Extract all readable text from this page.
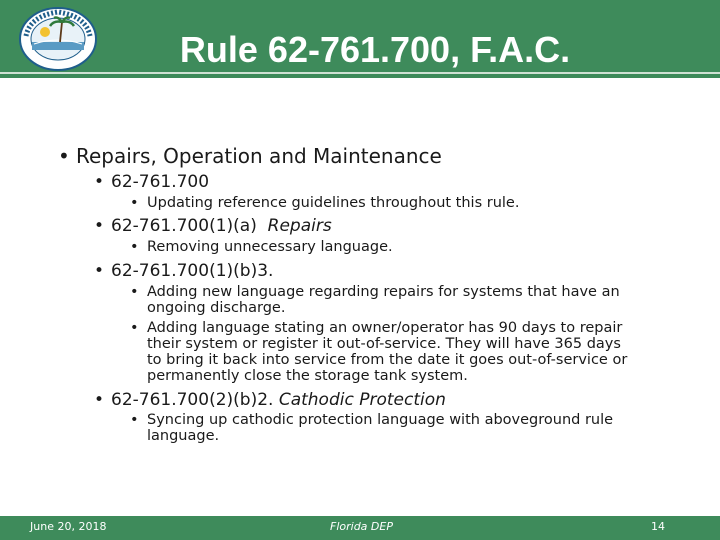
Rule 62-761.700, F.A.C.
• Repairs, Operation and Maintenance
• 62-761.700
• Updating reference guidelines throughout this rule.
• 62-761.700(1)(a) Repairs
• Removing unnecessary language.
• 62-761.700(1)(b)3.
• Adding new language regarding repairs for systems that have an
ongoing discharge.
• Adding language stating an owner/operator has 90 days to repair
their system or register it out-of-service. They will have 365 days
to bring it back into service from the date it goes out-of-service or
permanently close the storage tank system.
• 62-761.700(2)(b)2. Cathodic Protection
• Syncing up cathodic protection language with aboveground rule
language.
June 20, 2018	Florida DEP	14
